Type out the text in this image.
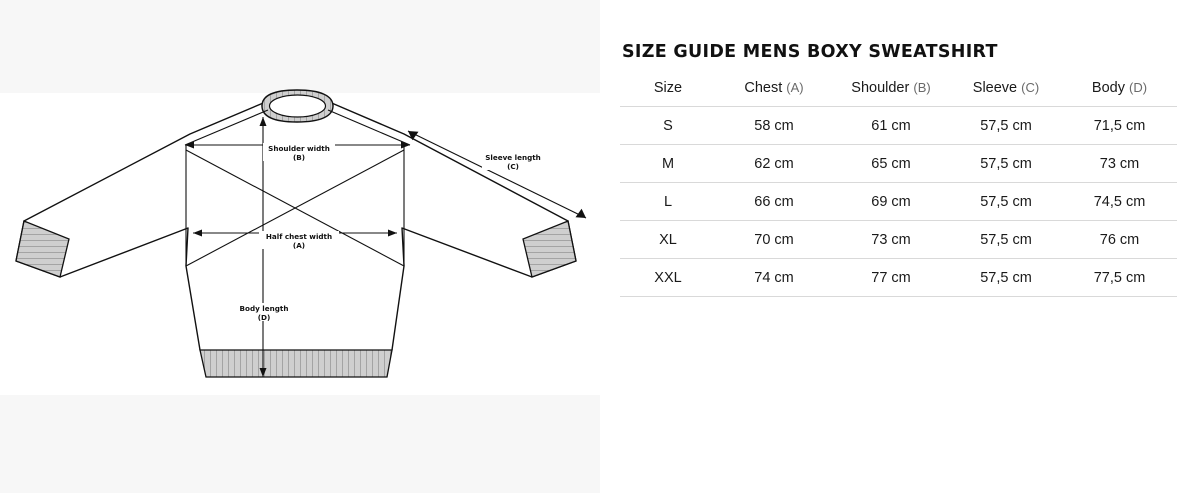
Shoulder width
(B)	Sleeve length
(C)
Half chest width
(A)
Body length
(D)
SIZE GUIDE MENS BOXY SWEATSHIRT
Size	Chest (A)	Shoulder (B)	Sleeve (C)	Body (D)
S	58 cm	61 cm	57,5 cm	71,5 cm
M	62 cm	65 cm	57,5 cm	73 cm
L	66 cm	69 cm	57,5 cm	74,5 cm
XL	70 cm	73 cm	57,5 cm	76 cm
XXL	74 cm	77 cm	57,5 cm	77,5 cm
